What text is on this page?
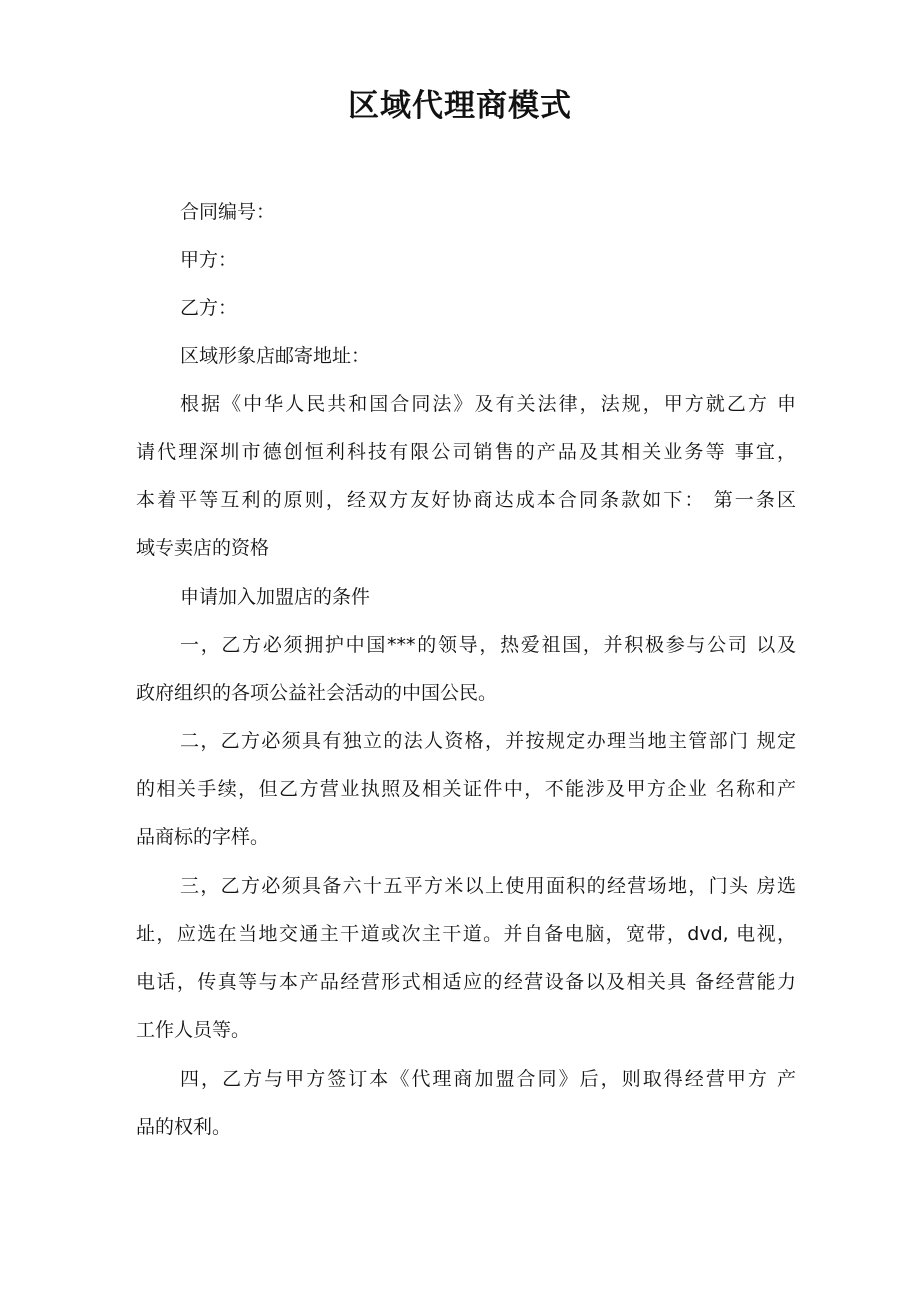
区域代理商模式
合同编号：
甲方：
乙方：
区域形象店邮寄地址：
根据《中华人民共和国合同法》及有关法律，法规，甲方就乙方 申
请代理深圳市德创恒利科技有限公司销售的产品及其相关业务等 事宜，
本着平等互利的原则，经双方友好协商达成本合同条款如下： 第一条区
域专卖店的资格
申请加入加盟店的条件
一，乙方必须拥护中国***的领导，热爱祖国，并积极参与公司 以及
政府组织的各项公益社会活动的中国公民。
二，乙方必须具有独立的法人资格，并按规定办理当地主管部门 规定
的相关手续，但乙方营业执照及相关证件中，不能涉及甲方企业 名称和产
品商标的字样。
三，乙方必须具备六十五平方米以上使用面积的经营场地，门头 房选
址，应选在当地交通主干道或次主干道。并自备电脑，宽带，dvd, 电视，
电话，传真等与本产品经营形式相适应的经营设备以及相关具 备经营能力
工作人员等。
四，乙方与甲方签订本《代理商加盟合同》后，则取得经营甲方 产
品的权利。
